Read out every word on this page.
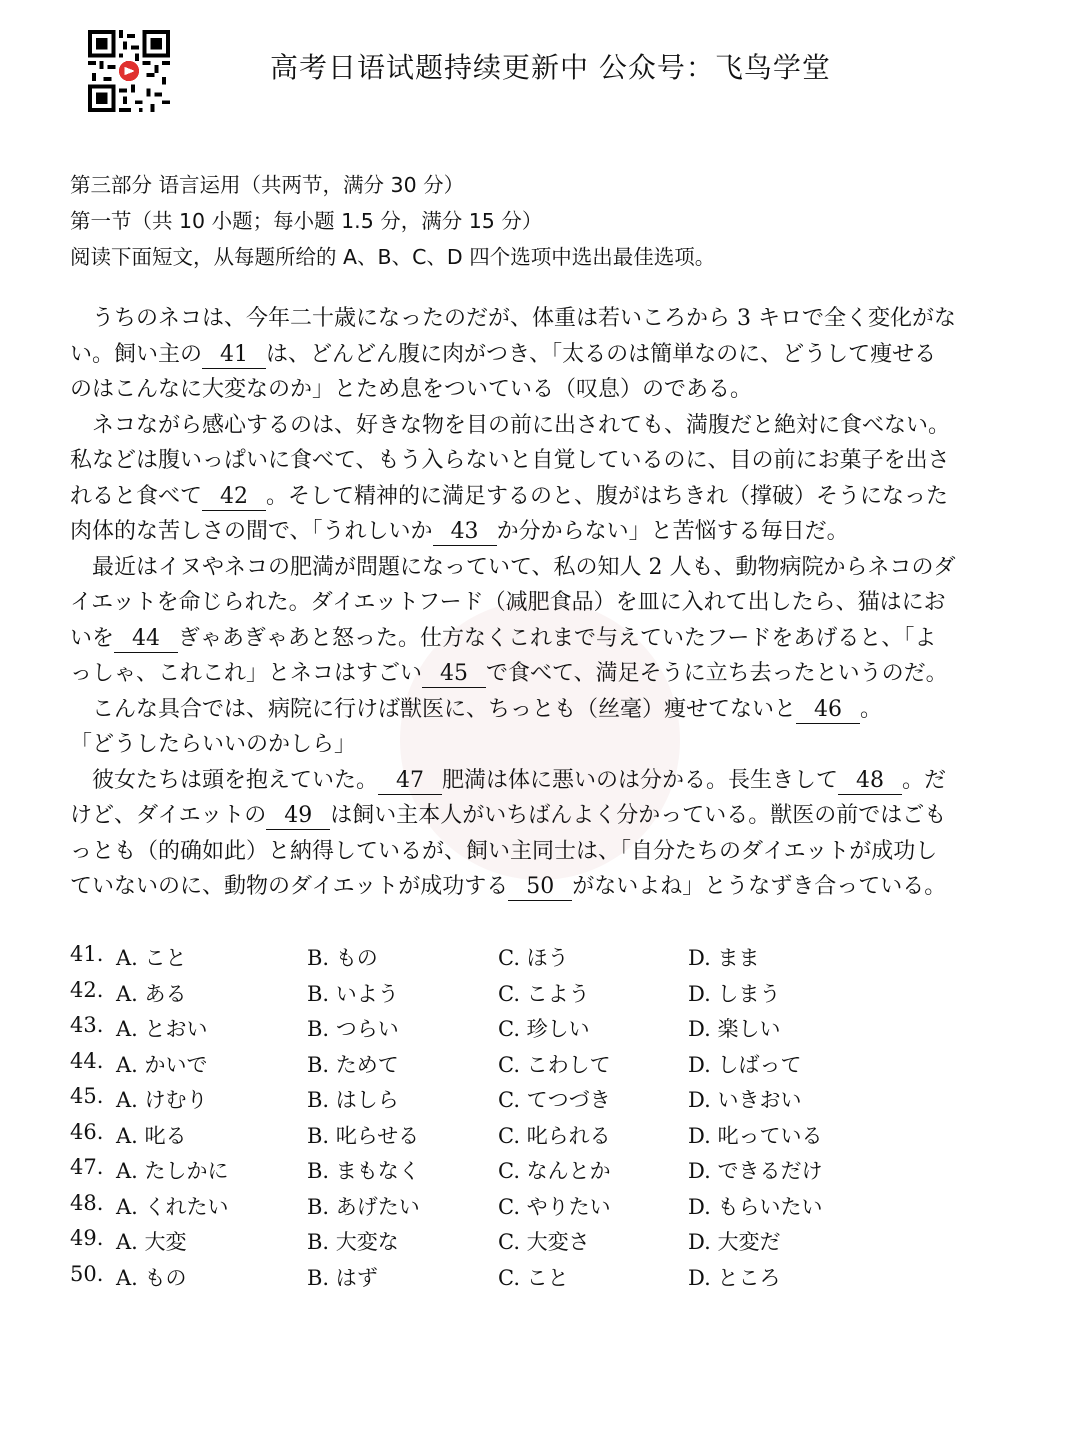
高考日语试题持续更新中 公众号：飞鸟学堂
第三部分 语言运用（共两节，满分 30 分）
第一节（共 10 小题；每小题 1.5 分，满分 15 分）
阅读下面短文，从每题所给的 A、B、C、D 四个选项中选出最佳选项。
　うちのネコは、今年二十歳になったのだが、体重は若いころから 3 キロで全く変化がな
い。飼い主の 41 は、どんどん腹に肉がつき、「太るのは簡単なのに、どうして痩せる
のはこんなに大変なのか」とため息をついている（叹息）のである。
　ネコながら感心するのは、好きな物を目の前に出されても、満腹だと絶対に食べない。
私などは腹いっぱいに食べて、もう入らないと自覚しているのに、目の前にお菓子を出さ
れると食べて 42 。そして精神的に満足するのと、腹がはちきれ（撑破）そうになった
肉体的な苦しさの間で、「うれしいか 43 か分からない」と苦悩する毎日だ。
　最近はイヌやネコの肥満が問題になっていて、私の知人 2 人も、動物病院からネコのダ
イエットを命じられた。ダイエットフード（减肥食品）を皿に入れて出したら、猫はにお
いを 44 ぎゃあぎゃあと怒った。仕方なくこれまで与えていたフードをあげると、「よ
っしゃ、これこれ」とネコはすごい 45 で食べて、満足そうに立ち去ったというのだ。
　こんな具合では、病院に行けば獣医に、ちっとも（丝毫）痩せてないと 46 。
「どうしたらいいのかしら」
　彼女たちは頭を抱えていた。 47 肥満は体に悪いのは分かる。長生きして 48 。だ
けど、ダイエットの 49 は飼い主本人がいちばんよく分かっている。獣医の前ではごも
っとも（的确如此）と納得しているが、飼い主同士は、「自分たちのダイエットが成功し
ていないのに、動物のダイエットが成功する 50 がないよね」とうなずき合っている。
41. A. こと	B. もの	C. ほう	D. まま
42. A. ある	B. いよう	C. こよう	D. しまう
43. A. とおい	B. つらい	C. 珍しい	D. 楽しい
44. A. かいで	B. ためて	C. こわして	D. しばって
45. A. けむり	B. はしら	C. てつづき	D. いきおい
46. A. 叱る	B. 叱らせる	C. 叱られる	D. 叱っている
47. A. たしかに	B. まもなく	C. なんとか	D. できるだけ
48. A. くれたい	B. あげたい	C. やりたい	D. もらいたい
49. A. 大変	B. 大変な	C. 大変さ	D. 大変だ
50. A. もの	B. はず	C. こと	D. ところ
